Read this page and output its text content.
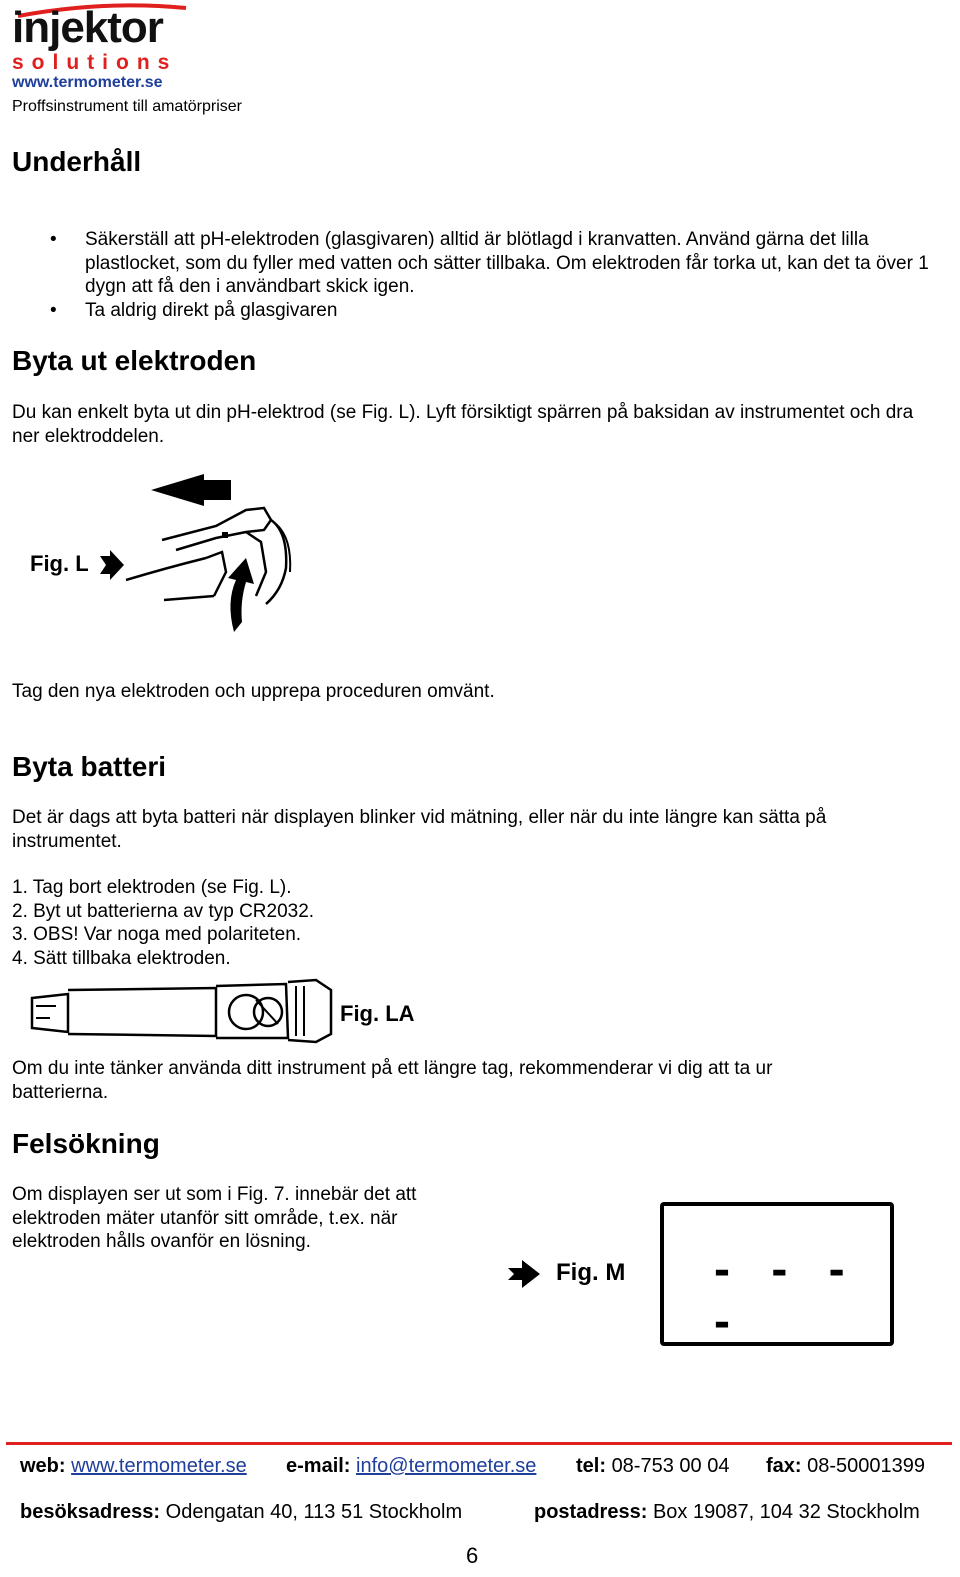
injektor
solutions
www.termometer.se
Proffsinstrument till amatörpriser
Underhåll
• Säkerställ att pH-elektroden (glasgivaren) alltid är blötlagd i kranvatten. Använd gärna det lilla plastlocket, som du fyller med vatten och sätter tillbaka. Om elektroden får torka ut, kan det ta över 1 dygn att få den i användbart skick igen.
• Ta aldrig direkt på glasgivaren
Byta ut elektroden
Du kan enkelt byta ut din pH-elektrod (se Fig. L). Lyft försiktigt spärren på baksidan av instrumentet och dra ner elektroddelen.
Fig. L
Tag den nya elektroden och upprepa proceduren omvänt.
Byta batteri
Det är dags att byta batteri när displayen blinker vid mätning, eller när du inte längre kan sätta på instrumentet.
1. Tag bort elektroden (se Fig. L).
2. Byt ut batterierna av typ CR2032.
3. OBS! Var noga med polariteten.
4. Sätt tillbaka elektroden.
Fig. LA
Om du inte tänker använda ditt instrument på ett längre tag, rekommenderar vi dig att ta ur batterierna.
Felsökning
Om displayen ser ut som i Fig. 7. innebär det att elektroden mäter utanför sitt område, t.ex. när elektroden hålls ovanför en lösning.
Fig. M - - - -
web: www.termometer.se e-mail: info@termometer.se tel: 08-753 00 04 fax: 08-50001399
besöksadress: Odengatan 40, 113 51 Stockholm	postadress: Box 19087, 104 32 Stockholm
6
